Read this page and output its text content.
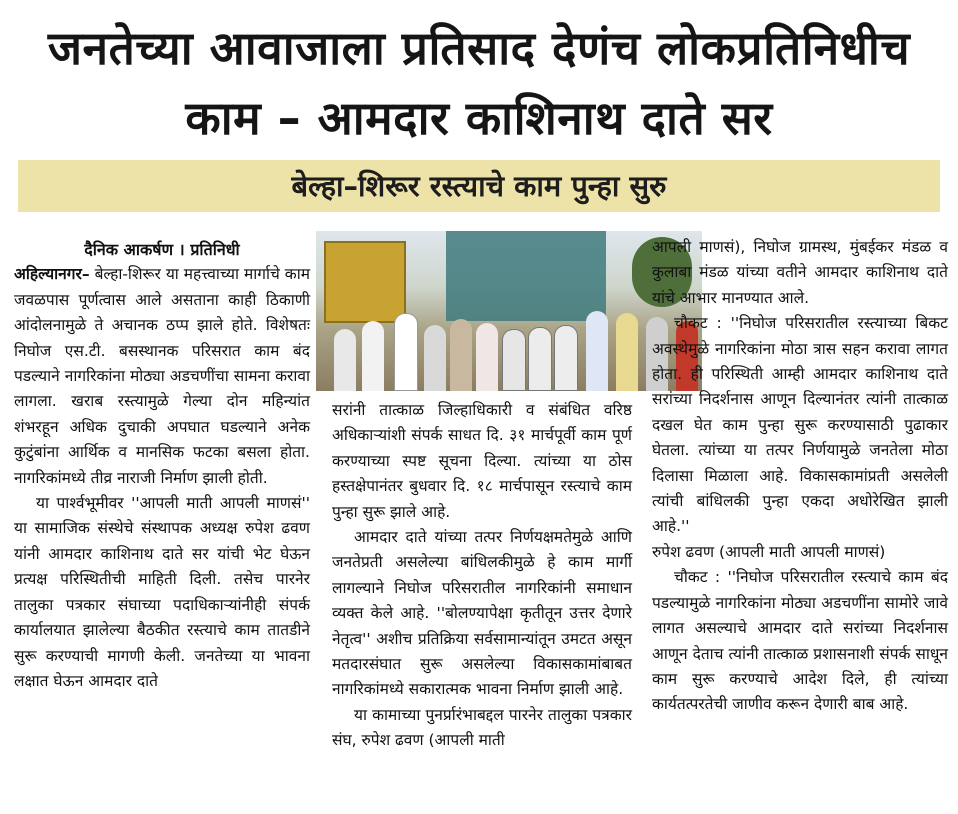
जनतेच्या आवाजाला प्रतिसाद देणंच लोकप्रतिनिधीच
काम – आमदार काशिनाथ दाते सर
बेल्हा–शिरूर रस्त्याचे काम पुन्हा सुरु

दैनिक आकर्षण । प्रतिनिधी

अहिल्यानगर– बेल्हा-शिरूर या महत्त्वाच्या मार्गाचे काम जवळपास पूर्णत्वास आले असताना काही ठिकाणी आंदोलनामुळे ते अचानक ठप्प झाले होते. विशेषतः निघोज एस.टी. बसस्थानक परिसरात काम बंद पडल्याने नागरिकांना मोठ्या अडचणींचा सामना करावा लागला. खराब रस्त्यामुळे गेल्या दोन महिन्यांत शंभरहून अधिक दुचाकी अपघात घडल्याने अनेक कुटुंबांना आर्थिक व मानसिक फटका बसला होता. नागरिकांमध्ये तीव्र नाराजी निर्माण झाली होती.

या पार्श्वभूमीवर ''आपली माती आपली माणसं'' या सामाजिक संस्थेचे संस्थापक अध्यक्ष रुपेश ढवण यांनी आमदार काशिनाथ दाते सर यांची भेट घेऊन प्रत्यक्ष परिस्थितीची माहिती दिली. तसेच पारनेर तालुका पत्रकार संघाच्या पदाधिकाऱ्यांनीही संपर्क कार्यालयात झालेल्या बैठकीत रस्त्याचे काम तातडीने सुरू करण्याची मागणी केली. जनतेच्या या भावना लक्षात घेऊन आमदार दाते

सरांनी तात्काळ जिल्हाधिकारी व संबंधित वरिष्ठ अधिकाऱ्यांशी संपर्क साधत दि. ३१ मार्चपूर्वी काम पूर्ण करण्याच्या स्पष्ट सूचना दिल्या. त्यांच्या या ठोस हस्तक्षेपानंतर बुधवार दि. १८ मार्चपासून रस्त्याचे काम पुन्हा सुरू झाले आहे.

आमदार दाते यांच्या तत्पर निर्णयक्षमतेमुळे आणि जनतेप्रती असलेल्या बांधिलकीमुळे हे काम मार्गी लागल्याने निघोज परिसरातील नागरिकांनी समाधान व्यक्त केले आहे. ''बोलण्यापेक्षा कृतीतून उत्तर देणारे नेतृत्व'' अशीच प्रतिक्रिया सर्वसामान्यांतून उमटत असून मतदारसंघात सुरू असलेल्या विकासकामांबाबत नागरिकांमध्ये सकारात्मक भावना निर्माण झाली आहे.

या कामाच्या पुनर्प्रारंभाबद्दल पारनेर तालुका पत्रकार संघ, रुपेश ढवण (आपली माती

आपली माणसं), निघोज ग्रामस्थ, मुंबईकर मंडळ व कुलाबा मंडळ यांच्या वतीने आमदार काशिनाथ दाते यांचे आभार मानण्यात आले.

चौकट : ''निघोज परिसरातील रस्त्याच्या बिकट अवस्थेमुळे नागरिकांना मोठा त्रास सहन करावा लागत होता. ही परिस्थिती आम्ही आमदार काशिनाथ दाते सरांच्या निदर्शनास आणून दिल्यानंतर त्यांनी तात्काळ दखल घेत काम पुन्हा सुरू करण्यासाठी पुढाकार घेतला. त्यांच्या या तत्पर निर्णयामुळे जनतेला मोठा दिलासा मिळाला आहे. विकासकामांप्रती असलेली त्यांची बांधिलकी पुन्हा एकदा अधोरेखित झाली आहे.''

रुपेश ढवण (आपली माती आपली माणसं)

चौकट : ''निघोज परिसरातील रस्त्याचे काम बंद पडल्यामुळे नागरिकांना मोठ्या अडचणींना सामोरे जावे लागत असल्याचे आमदार दाते सरांच्या निदर्शनास आणून देताच त्यांनी तात्काळ प्रशासनाशी संपर्क साधून काम सुरू करण्याचे आदेश दिले, ही त्यांच्या कार्यतत्परतेची जाणीव करून देणारी बाब आहे.
